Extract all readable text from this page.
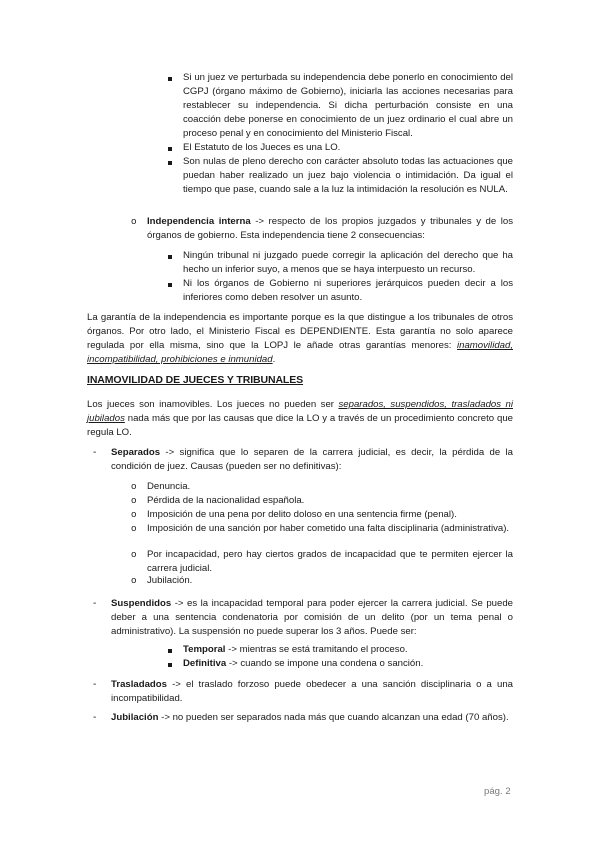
Si un juez ve perturbada su independencia debe ponerlo en conocimiento del CGPJ (órgano máximo de Gobierno), iniciarla las acciones necesarias para restablecer su independencia. Si dicha perturbación consiste en una coacción debe ponerse en conocimiento de un juez ordinario el cual abre un proceso penal y en conocimiento del Ministerio Fiscal.

El Estatuto de los Jueces es una LO.

Son nulas de pleno derecho con carácter absoluto todas las actuaciones que puedan haber realizado un juez bajo violencia o intimidación. Da igual el tiempo que pase, cuando sale a la luz la intimidación la resolución es NULA.

o Independencia interna -> respecto de los propios juzgados y tribunales y de los órganos de gobierno. Esta independencia tiene 2 consecuencias:

Ningún tribunal ni juzgado puede corregir la aplicación del derecho que ha hecho un inferior suyo, a menos que se haya interpuesto un recurso.

Ni los órganos de Gobierno ni superiores jerárquicos pueden decir a los inferiores como deben resolver un asunto.

La garantía de la independencia es importante porque es la que distingue a los tribunales de otros órganos. Por otro lado, el Ministerio Fiscal es DEPENDIENTE. Esta garantía no solo aparece regulada por ella misma, sino que la LOPJ le añade otras garantías menores: inamovilidad, incompatibilidad, prohibiciones e inmunidad.

INAMOVILIDAD DE JUECES Y TRIBUNALES

Los jueces son inamovibles. Los jueces no pueden ser separados, suspendidos, trasladados ni jubilados nada más que por las causas que dice la LO y a través de un procedimiento concreto que regula LO.

- Separados -> significa que lo separen de la carrera judicial, es decir, la pérdida de la condición de juez. Causas (pueden ser no definitivas):

o Denuncia.

o Pérdida de la nacionalidad española.

o Imposición de una pena por delito doloso en una sentencia firme (penal).

o Imposición de una sanción por haber cometido una falta disciplinaria (administrativa).

o Por incapacidad, pero hay ciertos grados de incapacidad que te permiten ejercer la carrera judicial.

o Jubilación.

- Suspendidos -> es la incapacidad temporal para poder ejercer la carrera judicial. Se puede deber a una sentencia condenatoria por comisión de un delito (por un tema penal o administrativo). La suspensión no puede superar los 3 años. Puede ser:

Temporal -> mientras se está tramitando el proceso.

Definitiva -> cuando se impone una condena o sanción.

- Trasladados -> el traslado forzoso puede obedecer a una sanción disciplinaria o a una incompatibilidad.

- Jubilación -> no pueden ser separados nada más que cuando alcanzan una edad (70 años).

pág. 2
